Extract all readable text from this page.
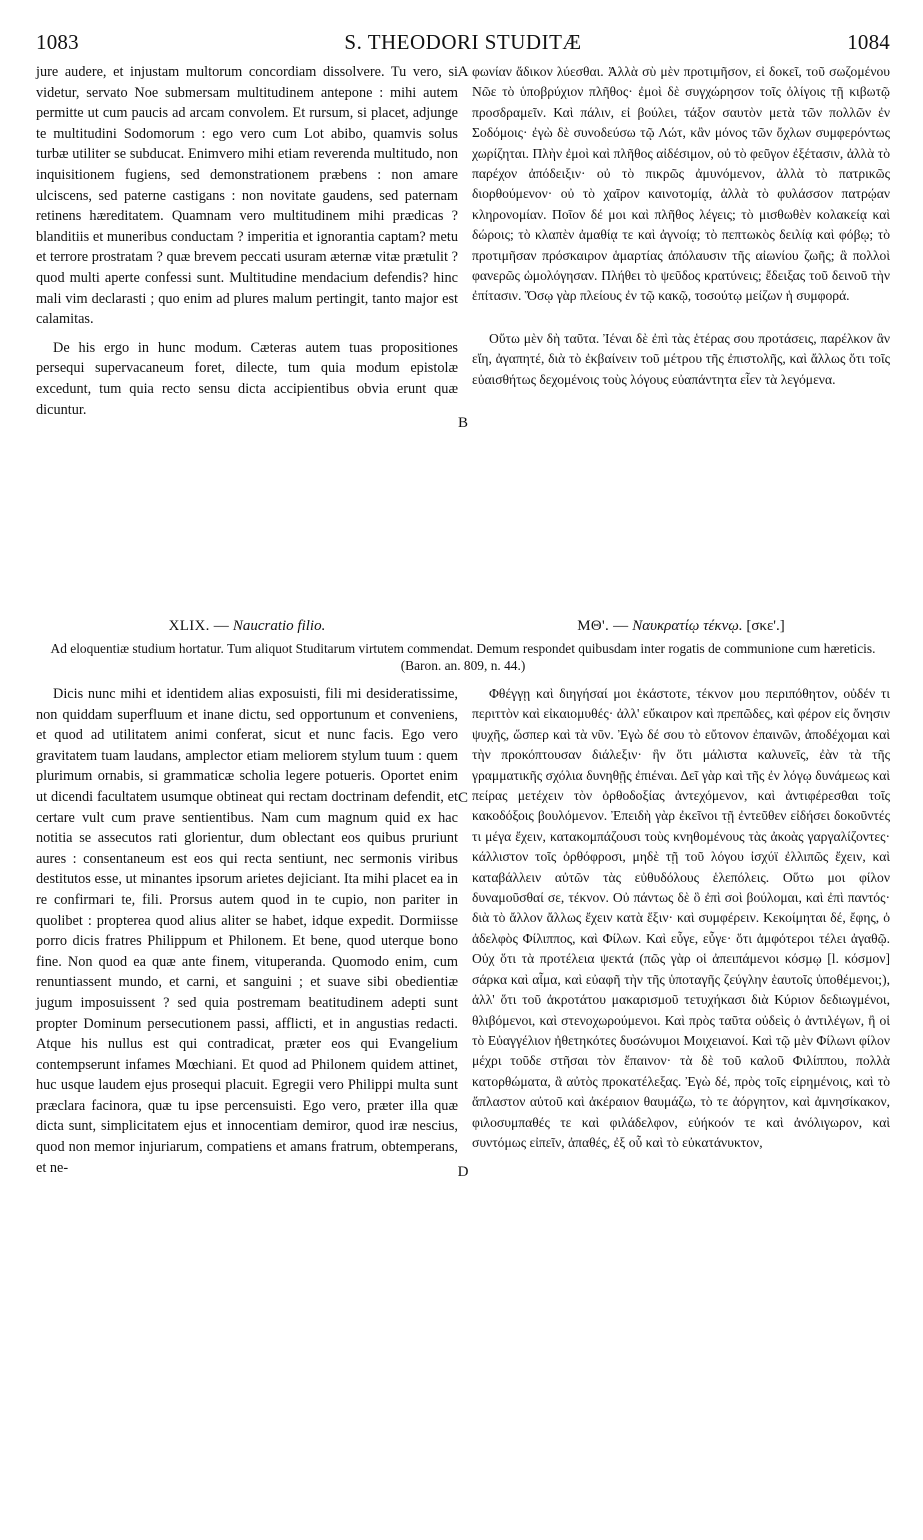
1083	S. THEODORI STUDITÆ	1084

jure audere, et injustam multorum concordiam dissolvere. Tu vero, si videtur, servato Noe submersam multitudinem antepone : mihi autem permitte ut cum paucis ad arcam convolem. Et rursum, si placet, adjunge te multitudini Sodomorum : ego vero cum Lot abibo, quamvis solus turbæ utiliter se subducat. Enimvero mihi etiam reverenda multitudo, non inquisitionem fugiens, sed demonstrationem præbens : non amare ulciscens, sed paterne castigans : non novitate gaudens, sed paternam retinens hæreditatem. Quamnam vero multitudinem mihi prædicas ? blanditiis et muneribus conductam ? imperitia et ignorantia captam? metu et terrore prostratam ? quæ brevem peccati usuram æternæ vitæ prætulit ? quod multi aperte confessi sunt. Multitudine mendacium defendis? hinc mali vim declarasti ; quo enim ad plures malum pertingit, tanto major est calamitas.

De his ergo in hunc modum. Cæteras autem tuas propositiones persequi supervacaneum foret, dilecte, tum quia modum epistolæ excedunt, tum quia recto sensu dicta accipientibus obvia erunt quæ dicuntur.

φωνίαν ἄδικον λύεσθαι. Ἀλλὰ σὺ μὲν προτιμῆσον, εἰ δοκεῖ, τοῦ σωζομένου Νῶε τὸ ὑποβρύχιον πλῆθος· ἐμοὶ δὲ συγχώρησον τοῖς ὀλίγοις τῇ κιβωτῷ προσδραμεῖν. Καὶ πάλιν, εἰ βούλει, τάξον σαυτὸν μετὰ τῶν πολλῶν ἐν Σοδόμοις· ἐγὼ δὲ συνοδεύσω τῷ Λώτ, κἂν μόνος τῶν ὄχλων συμφερόντως χωρίζηται. Πλὴν ἐμοὶ καὶ πλῆθος αἰδέσιμον, οὐ τὸ φεῦγον ἐξέτασιν, ἀλλὰ τὸ παρέχον ἀπόδειξιν· οὐ τὸ πικρῶς ἀμυνόμενον, ἀλλὰ τὸ πατρικῶς διορθούμενον· οὐ τὸ χαῖρον καινοτομίᾳ, ἀλλὰ τὸ φυλάσσον πατρῴαν κληρονομίαν. Ποῖον δέ μοι καὶ πλῆθος λέγεις; τὸ μισθωθὲν κολακείᾳ καὶ δώροις; τὸ κλαπὲν ἀμαθίᾳ τε καὶ ἀγνοίᾳ; τὸ πεπτωκὸς δειλίᾳ καὶ φόβῳ; τὸ προτιμῆσαν πρόσκαιρον ἁμαρτίας ἀπόλαυσιν τῆς αἰωνίου ζωῆς; ἃ πολλοὶ φανερῶς ὡμολόγησαν. Πλήθει τὸ ψεῦδος κρατύνεις; ἔδειξας τοῦ δεινοῦ τὴν ἐπίτασιν. Ὅσῳ γὰρ πλείους ἐν τῷ κακῷ, τοσούτῳ μείζων ἡ συμφορά.

Οὕτω μὲν δὴ ταῦτα. Ἰέναι δὲ ἐπὶ τὰς ἑτέρας σου προτάσεις, παρέλκον ἂν εἴη, ἀγαπητέ, διὰ τὸ ἐκβαίνειν τοῦ μέτρου τῆς ἐπιστολῆς, καὶ ἄλλως ὅτι τοῖς εὐαισθήτως δεχομένοις τοὺς λόγους εὐαπάντητα εἶεν τὰ λεγόμενα.

A
B
C
D
XLIX. — Naucratio filio.	ΜΘ'. — Ναυκρατίῳ τέκνῳ. [σκε'.]
Ad eloquentiæ studium hortatur. Tum aliquot Studitarum virtutem commendat. Demum respondet quibusdam inter rogatis de communione cum hæreticis. (Baron. an. 809, n. 44.)

Dicis nunc mihi et identidem alias exposuisti, fili mi desideratissime, non quiddam superfluum et inane dictu, sed opportunum et conveniens, et quod ad utilitatem animi conferat, sicut et nunc facis. Ego vero gravitatem tuam laudans, amplector etiam meliorem stylum tuum : quem plurimum ornabis, si grammaticæ scholia legere potueris. Oportet enim ut dicendi facultatem usumque obtineat qui rectam doctrinam defendit, et certare vult cum prave sentientibus. Nam cum magnum quid ex hac notitia se assecutos rati glorientur, dum oblectant eos quibus pruriunt aures : consentaneum est eos qui recta sentiunt, nec sermonis viribus destitutos esse, ut minantes ipsorum arietes dejiciant. Ita mihi placet ea in re confirmari te, fili. Prorsus autem quod in te cupio, non pariter in quolibet : propterea quod alius aliter se habet, idque expedit. Dormiisse porro dicis fratres Philippum et Philonem. Et bene, quod uterque bono fine. Non quod ea quæ ante finem, vituperanda. Quomodo enim, cum renuntiassent mundo, et carni, et sanguini ; et suave sibi obedientiæ jugum imposuissent ? sed quia postremam beatitudinem adepti sunt propter Dominum persecutionem passi, afflicti, et in angustias redacti. Atque his nullus est qui contradicat, præter eos qui Evangelium contempserunt infames Mœchiani. Et quod ad Philonem quidem attinet, huc usque laudem ejus prosequi placuit. Egregii vero Philippi multa sunt præclara facinora, quæ tu ipse percensuisti. Ego vero, præter illa quæ dicta sunt, simplicitatem ejus et innocentiam demiror, quod iræ nescius, quod non memor injuriarum, compatiens et amans fratrum, obtemperans, et ne-

Φθέγγῃ καὶ διηγήσαί μοι ἑκάστοτε, τέκνον μου περιπόθητον, οὐδέν τι περιττὸν καὶ εἰκαιομυθές· ἀλλ' εὔκαιρον καὶ πρεπῶδες, καὶ φέρον εἰς ὄνησιν ψυχῆς, ὥσπερ καὶ τὰ νῦν. Ἐγὼ δέ σου τὸ εὔτονον ἐπαινῶν, ἀποδέχομαι καὶ τὴν προκόπτουσαν διάλεξιν· ἣν ὅτι μάλιστα καλυνεῖς, ἐὰν τὰ τῆς γραμματικῆς σχόλια δυνηθῇς ἐπιέναι. Δεῖ γὰρ καὶ τῆς ἐν λόγῳ δυνάμεως καὶ πείρας μετέχειν τὸν ὀρθοδοξίας ἀντεχόμενον, καὶ ἀντιφέρεσθαι τοῖς κακοδόξοις βουλόμενον. Ἐπειδὴ γὰρ ἐκεῖνοι τῇ ἐντεῦθεν εἰδήσει δοκοῦντές τι μέγα ἔχειν, κατακομπάζουσι τοὺς κνηθομένους τὰς ἀκοὰς γαργαλίζοντες· κάλλιστον τοῖς ὀρθόφροσι, μηδὲ τῇ τοῦ λόγου ἰσχύϊ ἐλλιπῶς ἔχειν, καὶ καταβάλλειν αὐτῶν τὰς εὐθυδόλους ἑλεπόλεις. Οὕτω μοι φίλον δυναμοῦσθαί σε, τέκνον. Οὐ πάντως δὲ ὃ ἐπὶ σοὶ βούλομαι, καὶ ἐπὶ παντός· διὰ τὸ ἄλλον ἄλλως ἔχειν κατὰ ἕξιν· καὶ συμφέρειν. Κεκοίμηται δέ, ἔφης, ὁ ἀδελφὸς Φίλιππος, καὶ Φίλων. Καὶ εὖγε, εὖγε· ὅτι ἀμφότεροι τέλει ἀγαθῷ. Οὐχ ὅτι τὰ προτέλεια ψεκτά (πῶς γὰρ οἱ ἀπειπάμενοι κόσμῳ [l. κόσμον] σάρκα καὶ αἷμα, καὶ εὐαφῆ τὴν τῆς ὑποταγῆς ζεύγλην ἑαυτοῖς ὑποθέμενοι;), ἀλλ' ὅτι τοῦ ἀκροτάτου μακαρισμοῦ τετυχήκασι διὰ Κύριον δεδιωγμένοι, θλιβόμενοι, καὶ στενοχωρούμενοι. Καὶ πρὸς ταῦτα οὐδεὶς ὁ ἀντιλέγων, ἢ οἱ τὸ Εὐαγγέλιον ἠθετηκότες δυσώνυμοι Μοιχειανοί. Καὶ τῷ μὲν Φίλωνι φίλον μέχρι τοῦδε στῆσαι τὸν ἔπαινον· τὰ δὲ τοῦ καλοῦ Φιλίππου, πολλὰ κατορθώματα, ἃ αὐτὸς προκατέλεξας. Ἐγὼ δέ, πρὸς τοῖς εἰρημένοις, καὶ τὸ ἄπλαστον αὐτοῦ καὶ ἀκέραιον θαυμάζω, τὸ τε ἀόργητον, καὶ ἀμνησίκακον, φιλοσυμπαθές τε καὶ φιλάδελφον, εὐήκοόν τε καὶ ἀνόλιγωρον, καὶ συντόμως εἰπεῖν, ἀπαθές, ἐξ οὗ καὶ τὸ εὐκατάνυκτον,
